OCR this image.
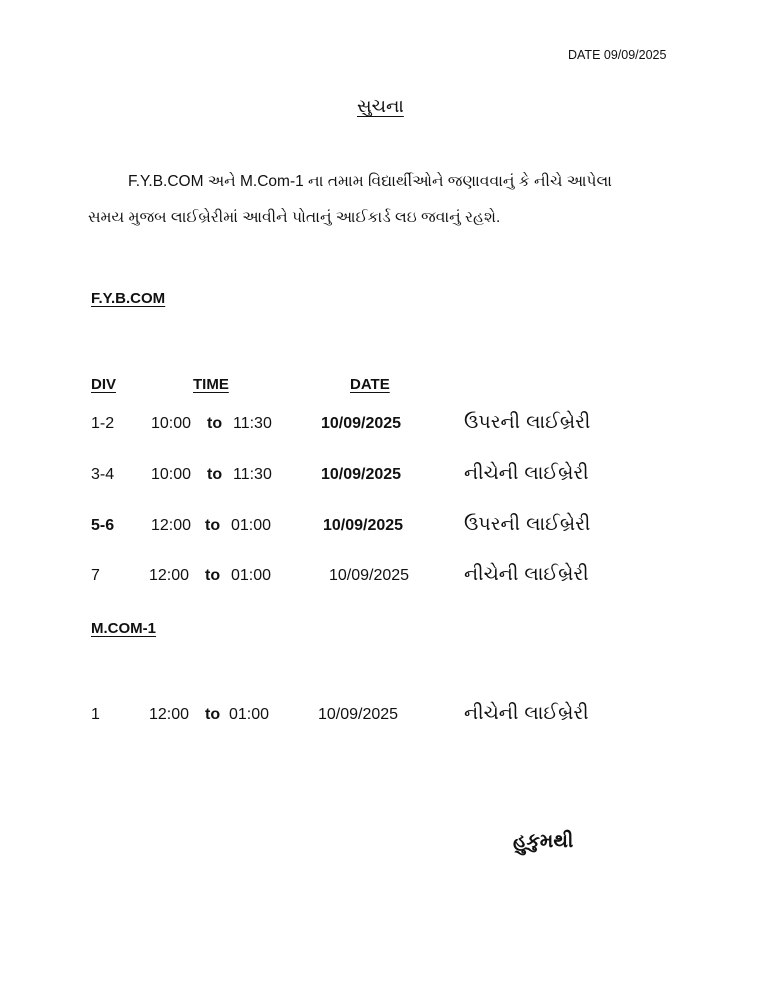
DATE 09/09/2025
સુચના
F.Y.B.COM અને M.Com-1 ના તમામ વિદ્યાર્થીઓને જણાવવાનું કે નીચે આપેલા
સમય મુજબ લાઈબ્રેરીમાં આવીને પોતાનું આઈકાર્ડ લઇ જવાનું રહશે.
F.Y.B.COM
DIV	TIME	DATE
1-2 10:00 to 11:30	10/09/2025	ઉપરની લાઈબ્રેરી
3-4 10:00 to 11:30	10/09/2025	નીચેની લાઈબ્રેરી
5-6 12:00 to 01:00	10/09/2025	ઉપરની લાઈબ્રેરી
7	12:00 to 01:00	10/09/2025	નીચેની લાઈબ્રેરી
M.COM-1
1	12:00 to 01:00	10/09/2025	નીચેની લાઈબ્રેરી
હુકુમથી
